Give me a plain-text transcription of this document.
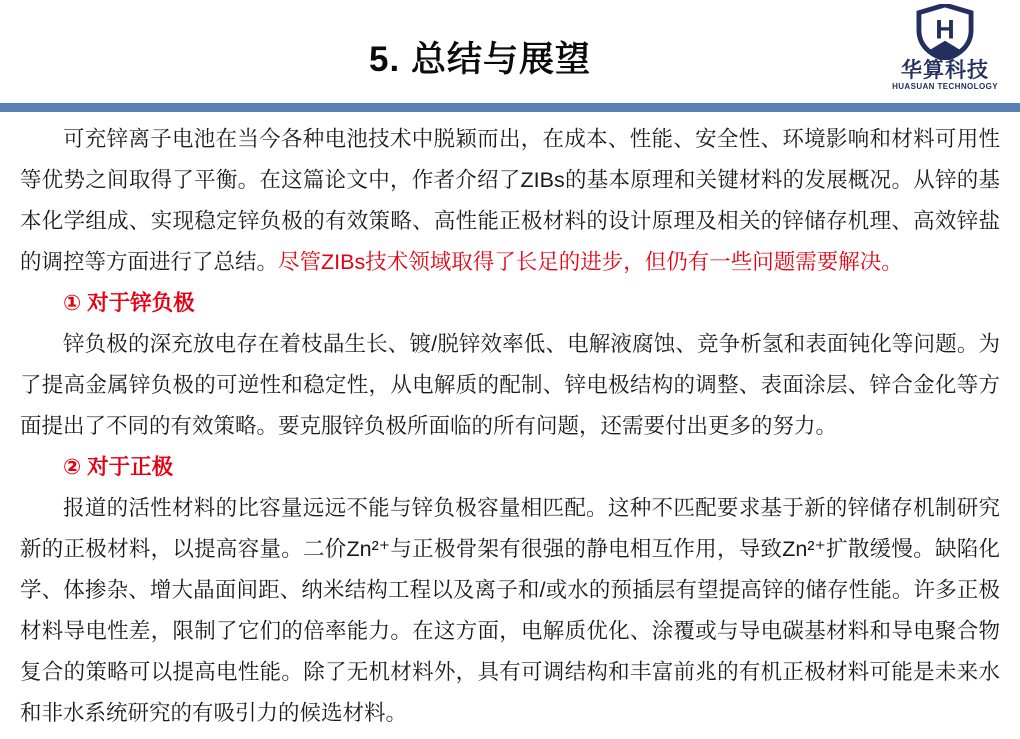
5. 总结与展望
H
华算科技
HUASUAN TECHNOLOGY

可充锌离子电池在当今各种电池技术中脱颖而出，在成本、性能、安全性、环境影响和材料可用性等优势之间取得了平衡。在这篇论文中，作者介绍了ZIBs的基本原理和关键材料的发展概况。从锌的基本化学组成、实现稳定锌负极的有效策略、高性能正极材料的设计原理及相关的锌储存机理、高效锌盐的调控等方面进行了总结。尽管ZIBs技术领域取得了长足的进步，但仍有一些问题需要解决。

① 对于锌负极

锌负极的深充放电存在着枝晶生长、镀/脱锌效率低、电解液腐蚀、竞争析氢和表面钝化等问题。为了提高金属锌负极的可逆性和稳定性，从电解质的配制、锌电极结构的调整、表面涂层、锌合金化等方面提出了不同的有效策略。要克服锌负极所面临的所有问题，还需要付出更多的努力。

② 对于正极

报道的活性材料的比容量远远不能与锌负极容量相匹配。这种不匹配要求基于新的锌储存机制研究新的正极材料，以提高容量。二价Zn²⁺与正极骨架有很强的静电相互作用，导致Zn²⁺扩散缓慢。缺陷化学、体掺杂、增大晶面间距、纳米结构工程以及离子和/或水的预插层有望提高锌的储存性能。许多正极材料导电性差，限制了它们的倍率能力。在这方面，电解质优化、涂覆或与导电碳基材料和导电聚合物复合的策略可以提高电性能。除了无机材料外，具有可调结构和丰富前兆的有机正极材料可能是未来水和非水系统研究的有吸引力的候选材料。
